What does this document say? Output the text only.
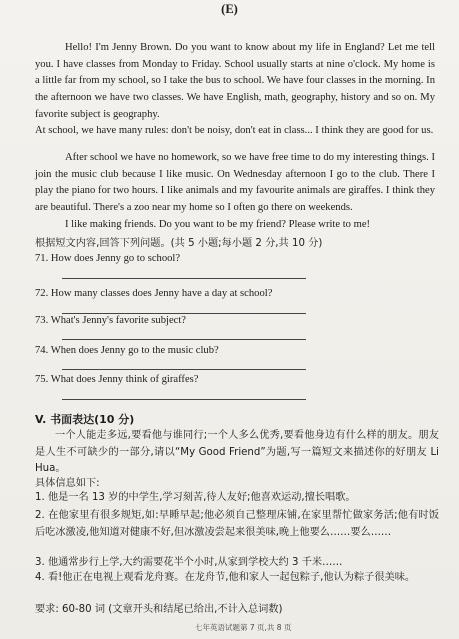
(E)

Hello! I'm Jenny Brown. Do you want to know about my life in England? Let me tell you. I have classes from Monday to Friday. School usually starts at nine o'clock. My home is a little far from my school, so I take the bus to school. We have four classes in the morning. In the afternoon we have two classes. We have English, math, geography, history and so on. My favorite subject is geography.

At school, we have many rules: don't be noisy, don't eat in class... I think they are good for us.

After school we have no homework, so we have free time to do my interesting things. I join the music club because I like music. On Wednesday afternoon I go to the club. There I play the piano for two hours. I like animals and my favourite animals are giraffes. I think they are beautiful. There's a zoo near my home so I often go there on weekends.

I like making friends. Do you want to be my friend? Please write to me!

根据短文内容,回答下列问题。(共 5 小题;每小题 2 分,共 10 分)
71. How does Jenny go to school?
72. How many classes does Jenny have a day at school?
73. What's Jenny's favorite subject?
74. When does Jenny go to the music club?
75. What does Jenny think of giraffes?
V. 书面表达(10 分)

一个人能走多远,要看他与谁同行;一个人多么优秀,要看他身边有什么样的朋友。朋友是人生不可缺少的一部分,请以“My Good Friend”为题,写一篇短文来描述你的好朋友 Li Hua。

具体信息如下:

1. 他是一名 13 岁的中学生,学习刻苦,待人友好;他喜欢运动,擅长唱歌。

2. 在他家里有很多规矩,如:早睡早起;他必须自己整理床铺,在家里帮忙做家务活;他有时饭后吃冰激凌,他知道对健康不好,但冰激凌尝起来很美味,晚上他要么……要么……

3. 他通常步行上学,大约需要花半个小时,从家到学校大约 3 千米……

4. 看!他正在电视上观看龙舟赛。在龙舟节,他和家人一起包粽子,他认为粽子很美味。

要求: 60-80 词 (文章开头和结尾已给出,不计入总词数)

七年英语试题第 7 页,共 8 页
